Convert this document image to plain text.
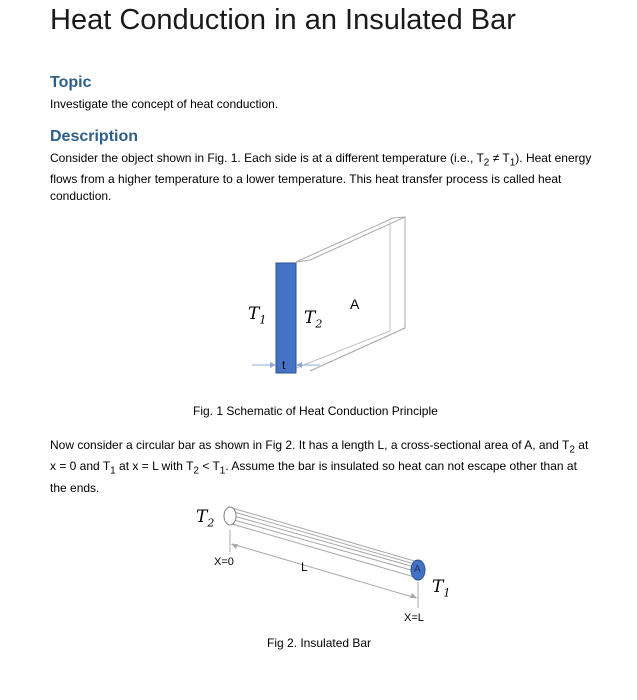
Heat Conduction in an Insulated Bar
Topic

Investigate the concept of heat conduction.

Description

Consider the object shown in Fig. 1. Each side is at a different temperature (i.e., $T_2 \ne T_1$). Heat energy flows from a higher temperature to a lower temperature. This heat transfer process is called heat conduction.

$T_1$ $T_2$
A
t

Fig. 1 Schematic of Heat Conduction Principle

Now consider a circular bar as shown in Fig 2. It has a length L, a cross-sectional area of A, and $T_2$ at x = 0 and $T_1$ at x = L with $T_2 < T_1$. Assume the bar is insulated so heat can not escape other than at the ends.

$T_2$
X=0	L	A
$T_1$
X=L

Fig 2. Insulated Bar
